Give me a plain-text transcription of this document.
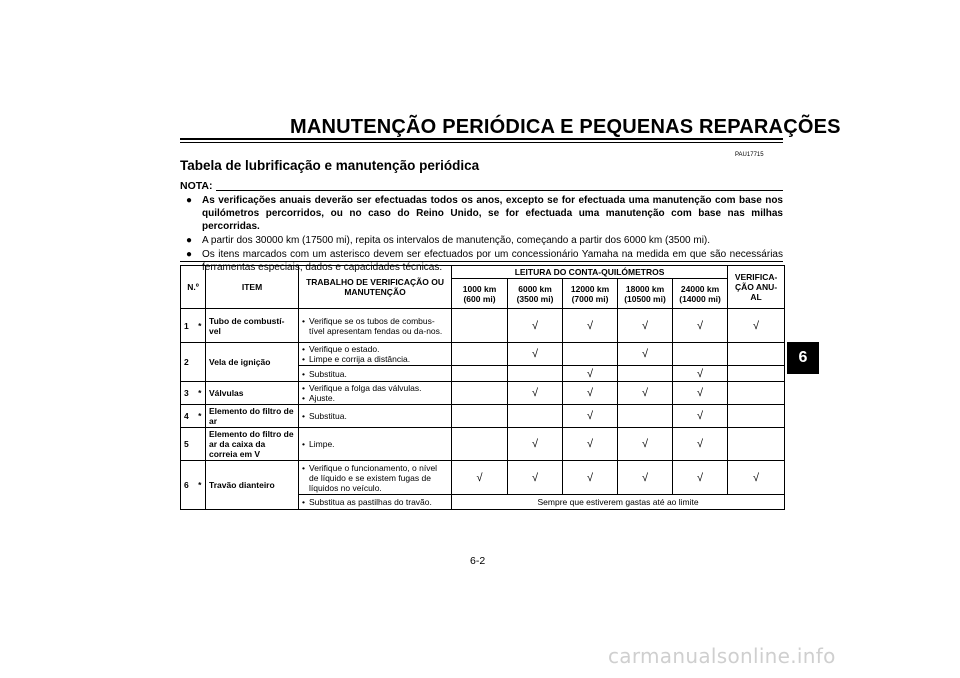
MANUTENÇÃO PERIÓDICA E PEQUENAS REPARAÇÕES
PAU17715
Tabela de lubrificação e manutenção periódica
NOTA:
● As verificações anuais deverão ser efectuadas todos os anos, excepto se for efectuada uma manutenção com base nos quilómetros percorridos, ou no caso do Reino Unido, se for efectuada uma manutenção com base nas milhas percorridas.
● A partir dos 30000 km (17500 mi), repita os intervalos de manutenção, começando a partir dos 6000 km (3500 mi).
● Os itens marcados com um asterisco devem ser efectuados por um concessionário Yamaha na medida em que são necessárias ferramentas especiais, dados e capacidades técnicas.
N.º		ITEM	TRABALHO DE VERIFICAÇÃO OU MANUTENÇÃO	LEITURA DO CONTA-QUILÓMETROS					VERIFICA-ÇÃO ANU-AL
				1000 km (600 mi)	6000 km (3500 mi)	12000 km (7000 mi)	18000 km (10500 mi)	24000 km (14000 mi)	
1	*	Tubo de combustí-vel	• Verifique se os tubos de combus-tível apresentam fendas ou da-nos.		√	√	√	√	√
2		Vela de ignição	• Verifique o estado.
• Limpe e corrija a distância.		√		√		

			• Substitua.			√		√	
3	*	Válvulas	• Verifique a folga das válvulas.
• Ajuste.		√	√	√	√	
4	*	Elemento do filtro de ar	• Substitua.			√		√	
5		Elemento do filtro de ar da caixa da correia em V	• Limpe.		√	√	√	√	
6	*	Travão dianteiro	• Verifique o funcionamento, o nível de líquido e se existem fugas de líquidos no veículo.	√	√	√	√	√	√

			• Substitua as pastilhas do travão.	Sempre que estiverem gastas até ao limite					
6
6-2
carmanualsonline.info
